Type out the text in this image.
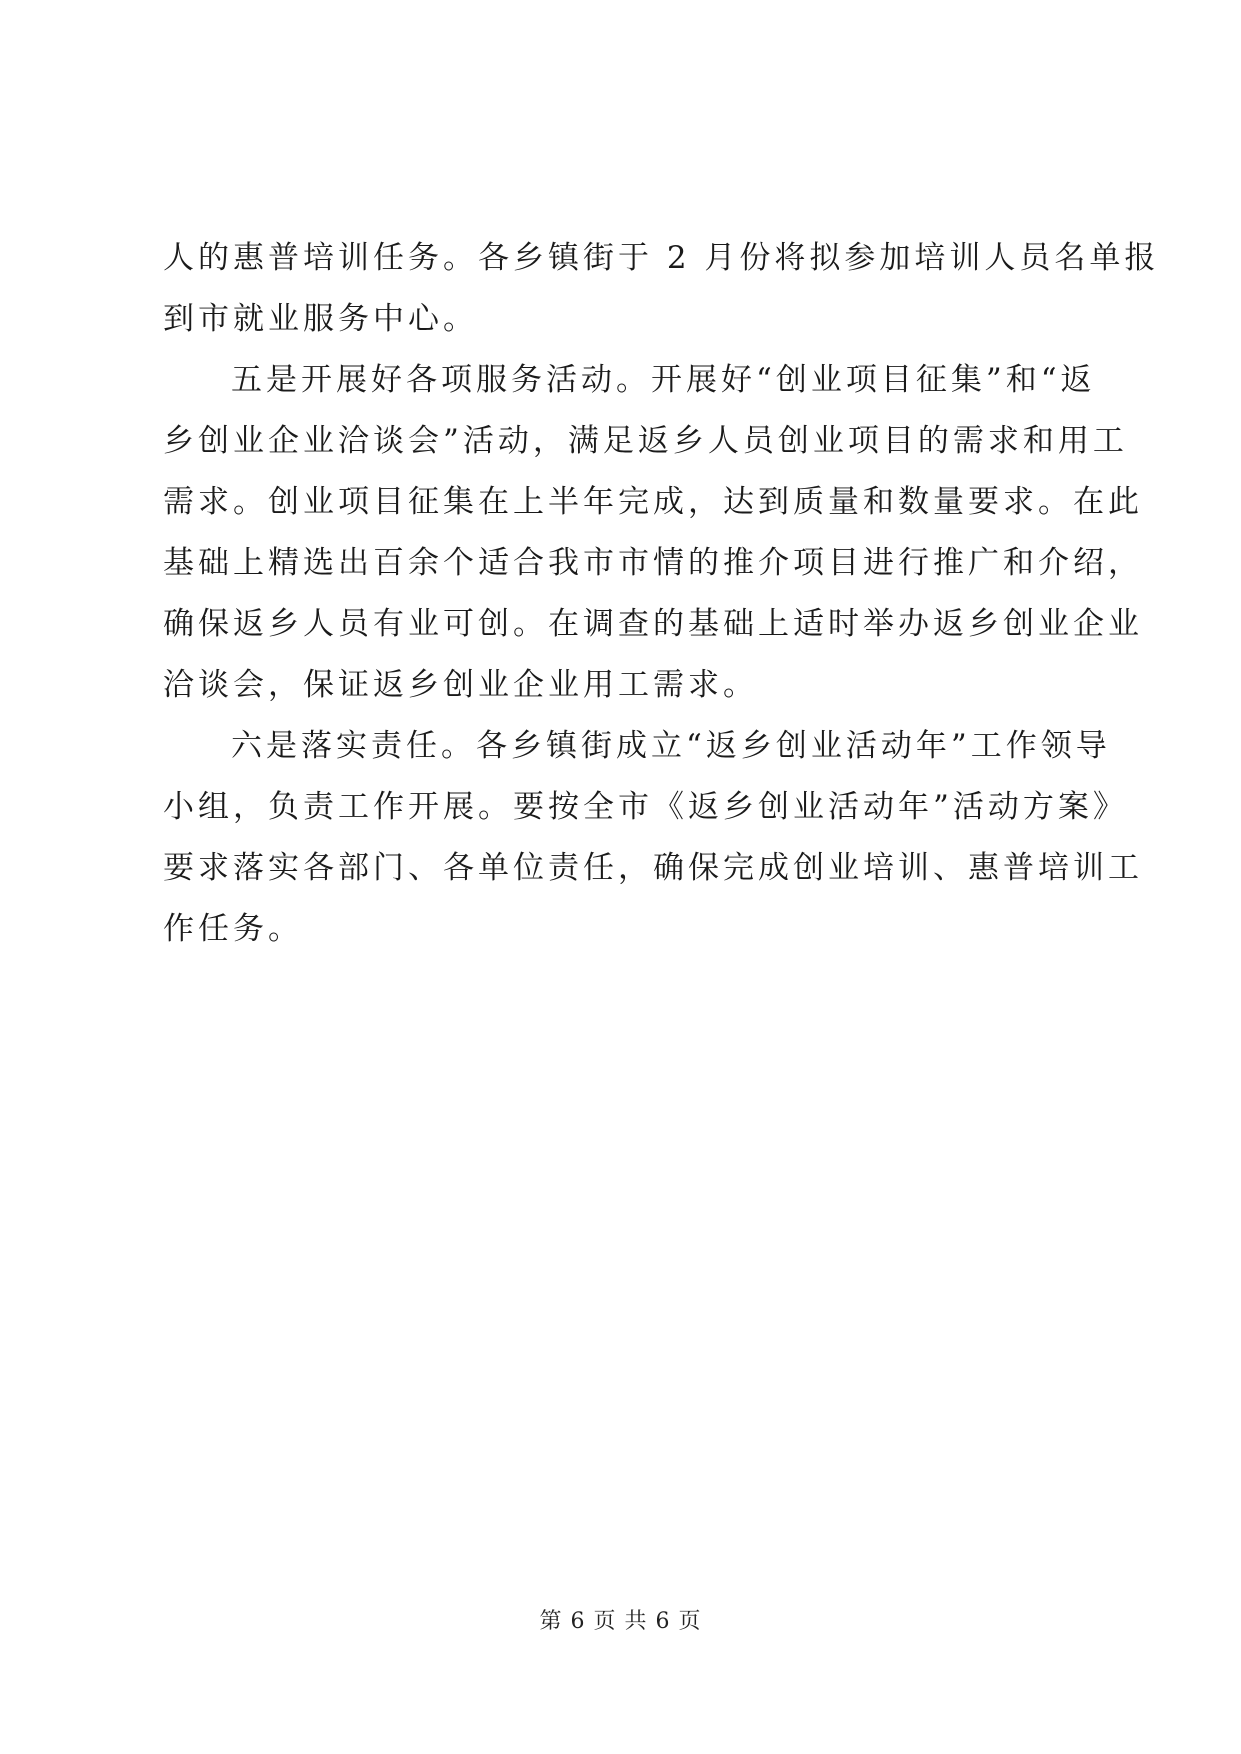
人的惠普培训任务。各乡镇街于 2 月份将拟参加培训人员名单报
到市就业服务中心。
五是开展好各项服务活动。开展好“创业项目征集”和“返
乡创业企业洽谈会”活动，满足返乡人员创业项目的需求和用工
需求。创业项目征集在上半年完成，达到质量和数量要求。在此
基础上精选出百余个适合我市市情的推介项目进行推广和介绍，
确保返乡人员有业可创。在调查的基础上适时举办返乡创业企业
洽谈会，保证返乡创业企业用工需求。
六是落实责任。各乡镇街成立“返乡创业活动年”工作领导
小组，负责工作开展。要按全市《返乡创业活动年”活动方案》
要求落实各部门、各单位责任，确保完成创业培训、惠普培训工
作任务。
第 6 页 共 6 页
